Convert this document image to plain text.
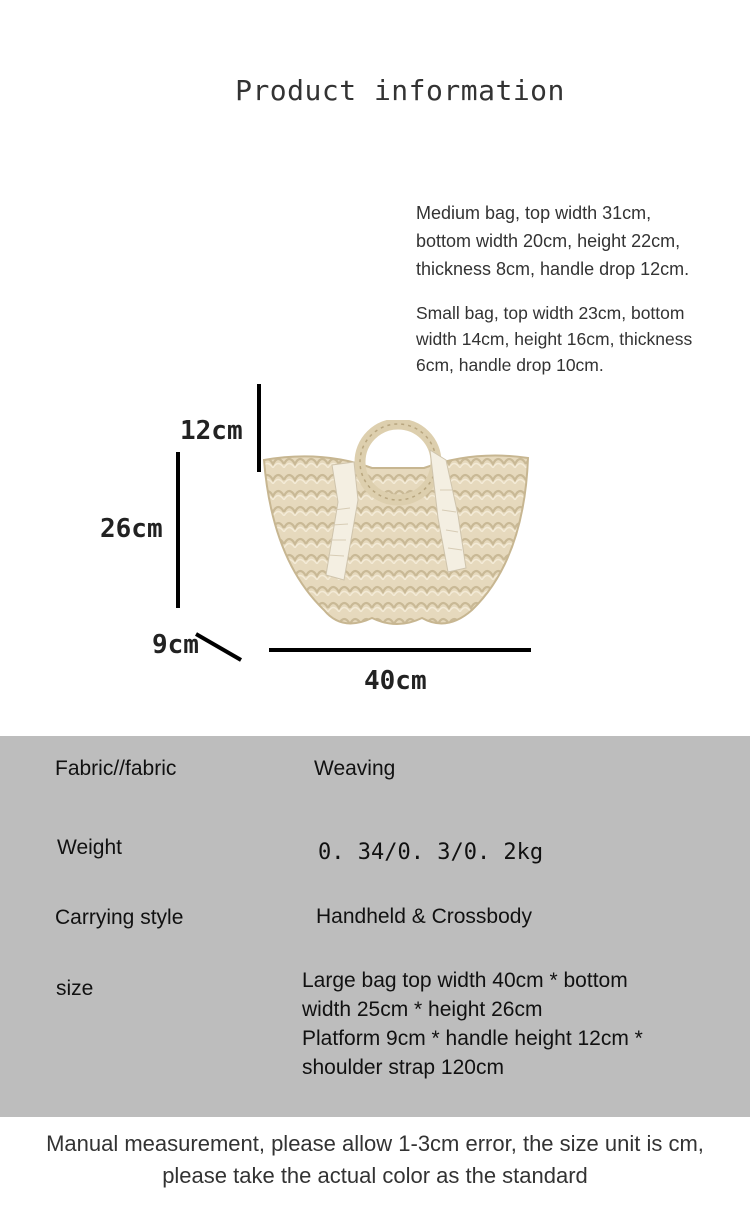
Product information
Medium bag, top width 31cm,
bottom width 20cm, height 22cm,
thickness 8cm, handle drop 12cm.
Small bag, top width 23cm, bottom
width 14cm, height 16cm, thickness
6cm, handle drop 10cm.
12cm
26cm
9cm
40cm
Fabric//fabric	Weaving
Weight	0. 34/0. 3/0. 2kg
Carrying style	Handheld & Crossbody
size	Large bag top width 40cm * bottom
width 25cm * height 26cm
Platform 9cm * handle height 12cm *
shoulder strap 120cm
Manual measurement, please allow 1-3cm error, the size unit is cm,
please take the actual color as the standard
